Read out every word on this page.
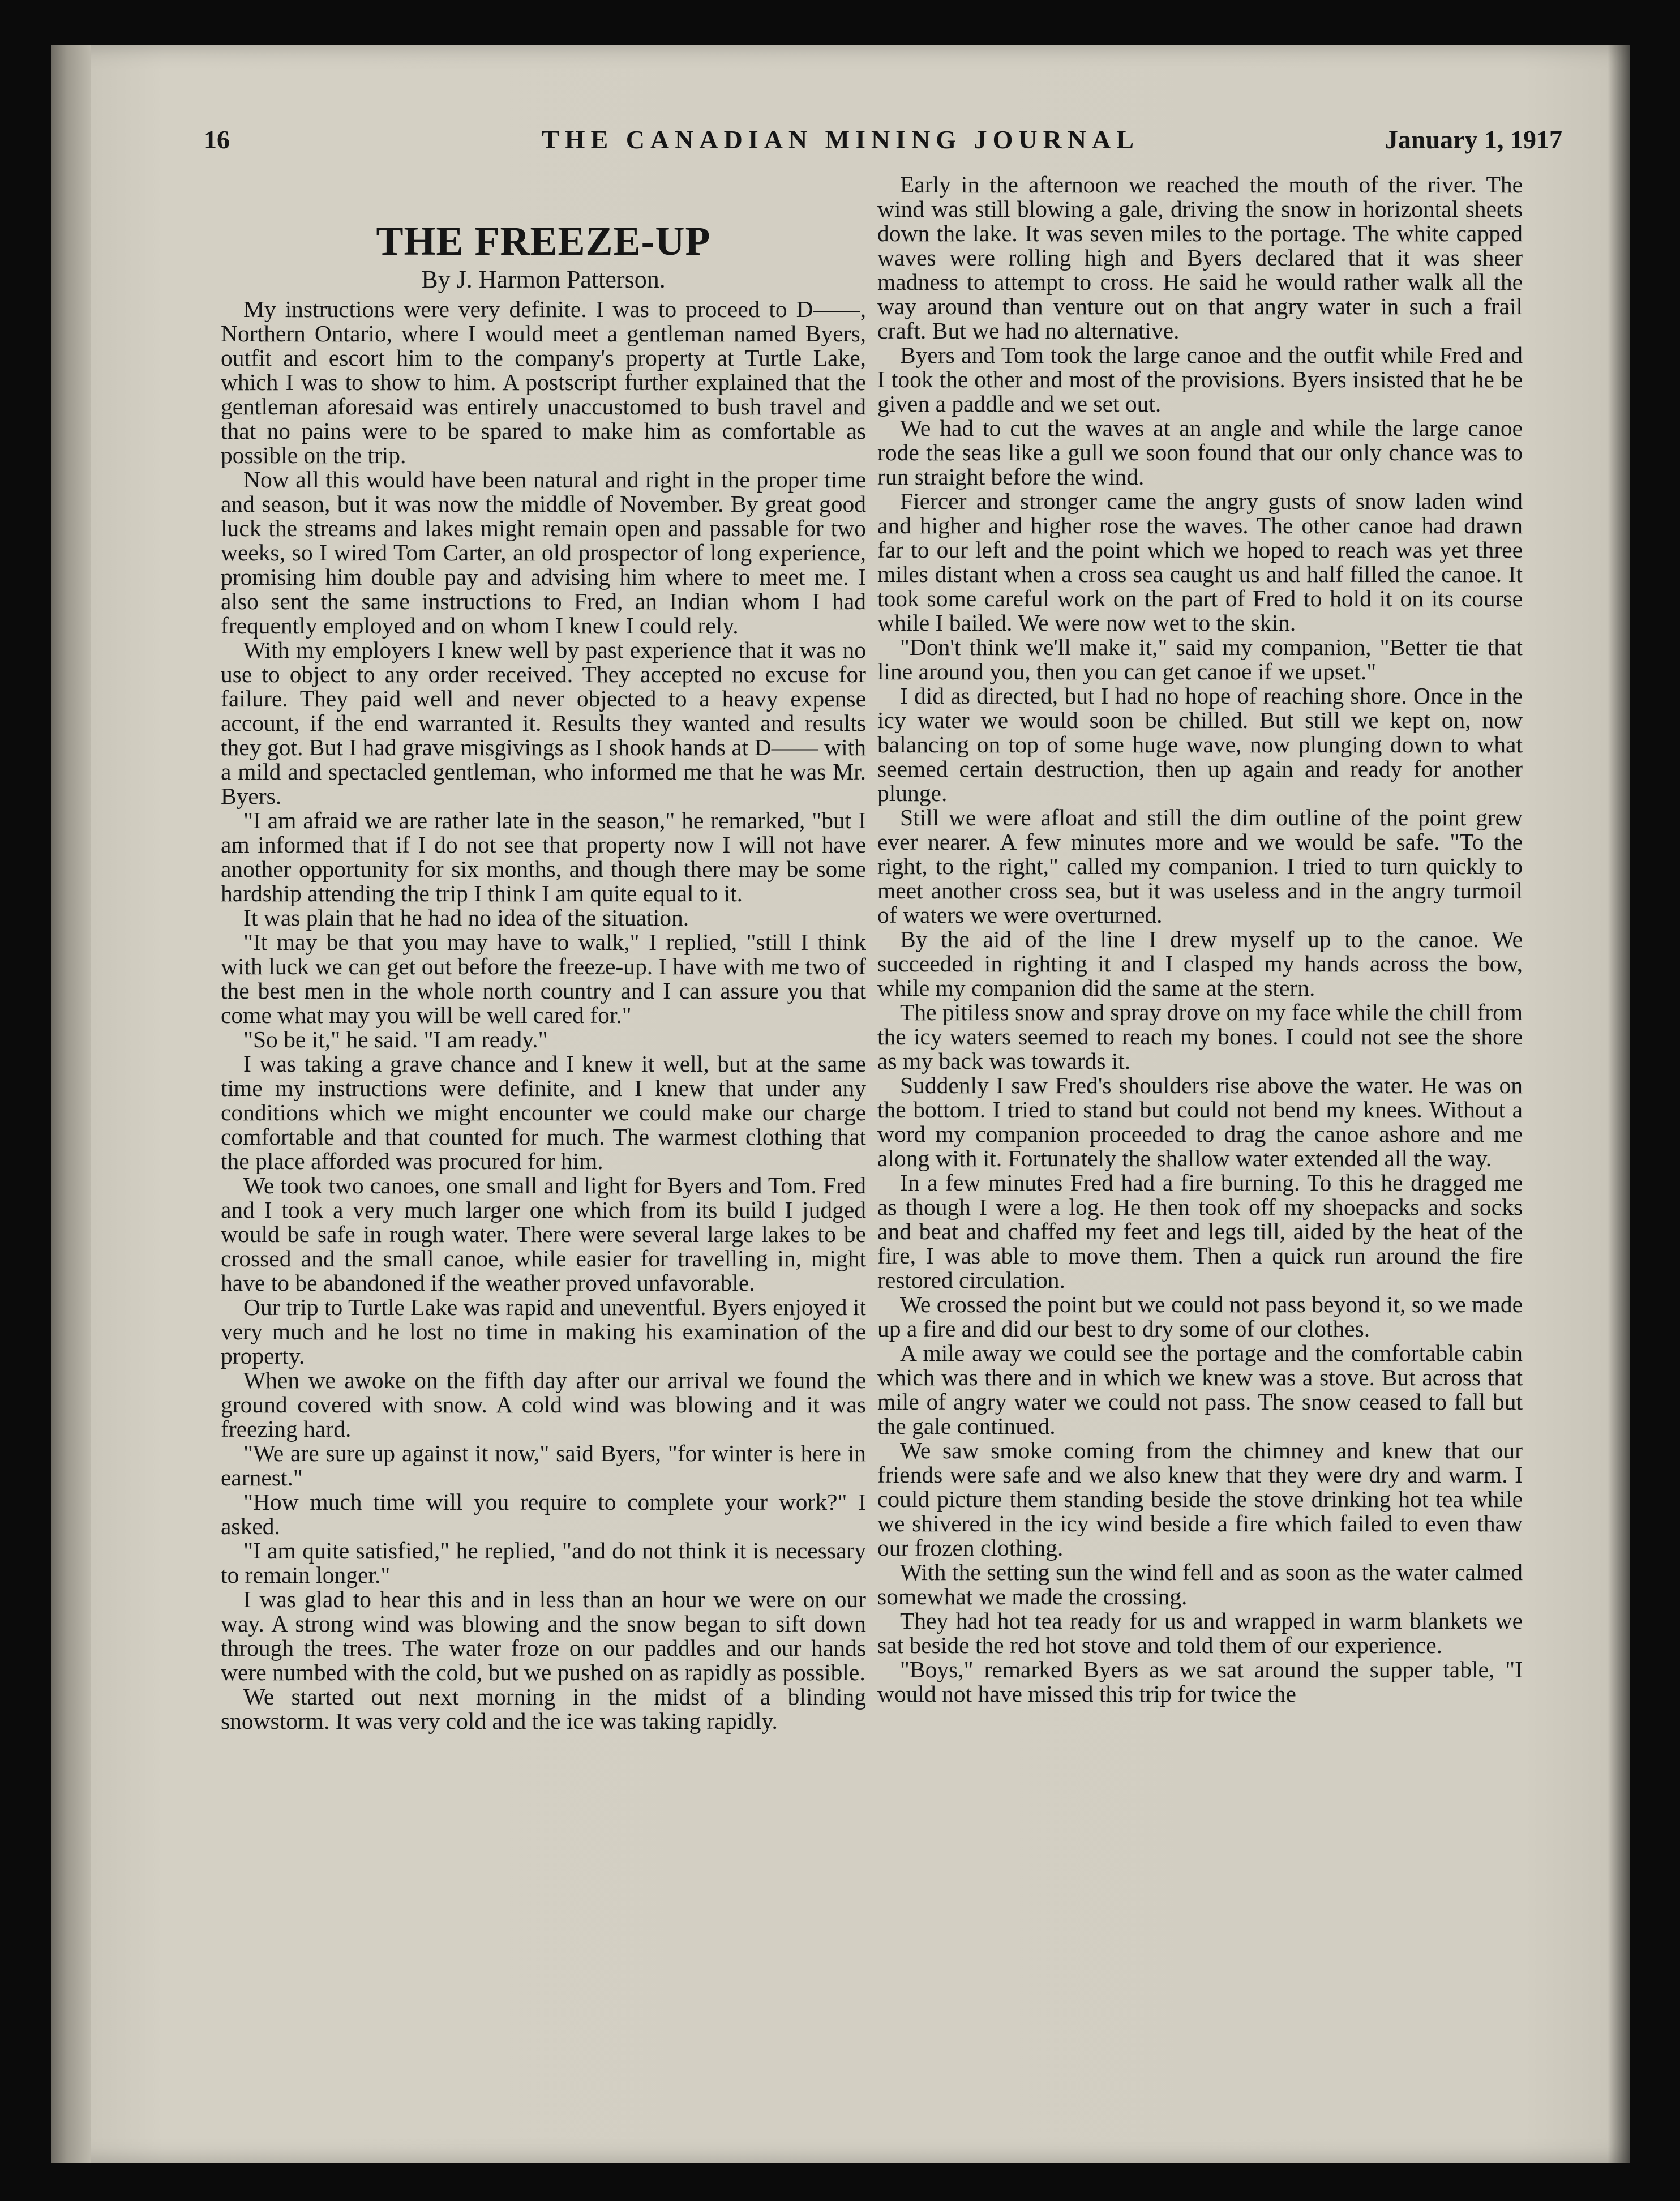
16	THE CANADIAN MINING JOURNAL	January 1, 1917
THE FREEZE-UP
By J. Harmon Patterson.

My instructions were very definite. I was to proceed to D——, Northern Ontario, where I would meet a gentleman named Byers, outfit and escort him to the company's property at Turtle Lake, which I was to show to him. A postscript further explained that the gentleman aforesaid was entirely unaccustomed to bush travel and that no pains were to be spared to make him as comfortable as possible on the trip.

Now all this would have been natural and right in the proper time and season, but it was now the middle of November. By great good luck the streams and lakes might remain open and passable for two weeks, so I wired Tom Carter, an old prospector of long experience, promising him double pay and advising him where to meet me. I also sent the same instructions to Fred, an Indian whom I had frequently employed and on whom I knew I could rely.

With my employers I knew well by past experience that it was no use to object to any order received. They accepted no excuse for failure. They paid well and never objected to a heavy expense account, if the end warranted it. Results they wanted and results they got. But I had grave misgivings as I shook hands at D—— with a mild and spectacled gentleman, who informed me that he was Mr. Byers.

"I am afraid we are rather late in the season," he remarked, "but I am informed that if I do not see that property now I will not have another opportunity for six months, and though there may be some hardship attending the trip I think I am quite equal to it.

It was plain that he had no idea of the situation.

"It may be that you may have to walk," I replied, "still I think with luck we can get out before the freeze-up. I have with me two of the best men in the whole north country and I can assure you that come what may you will be well cared for."

"So be it," he said. "I am ready."

I was taking a grave chance and I knew it well, but at the same time my instructions were definite, and I knew that under any conditions which we might encounter we could make our charge comfortable and that counted for much. The warmest clothing that the place afforded was procured for him.

We took two canoes, one small and light for Byers and Tom. Fred and I took a very much larger one which from its build I judged would be safe in rough water. There were several large lakes to be crossed and the small canoe, while easier for travelling in, might have to be abandoned if the weather proved unfavorable.

Our trip to Turtle Lake was rapid and uneventful. Byers enjoyed it very much and he lost no time in making his examination of the property.

When we awoke on the fifth day after our arrival we found the ground covered with snow. A cold wind was blowing and it was freezing hard.

"We are sure up against it now," said Byers, "for winter is here in earnest."

"How much time will you require to complete your work?" I asked.

"I am quite satisfied," he replied, "and do not think it is necessary to remain longer."

I was glad to hear this and in less than an hour we were on our way. A strong wind was blowing and the snow began to sift down through the trees. The water froze on our paddles and our hands were numbed with the cold, but we pushed on as rapidly as possible.

We started out next morning in the midst of a blinding snowstorm. It was very cold and the ice was taking rapidly.

Early in the afternoon we reached the mouth of the river. The wind was still blowing a gale, driving the snow in horizontal sheets down the lake. It was seven miles to the portage. The white capped waves were rolling high and Byers declared that it was sheer madness to attempt to cross. He said he would rather walk all the way around than venture out on that angry water in such a frail craft. But we had no alternative.

Byers and Tom took the large canoe and the outfit while Fred and I took the other and most of the provisions. Byers insisted that he be given a paddle and we set out.

We had to cut the waves at an angle and while the large canoe rode the seas like a gull we soon found that our only chance was to run straight before the wind.

Fiercer and stronger came the angry gusts of snow laden wind and higher and higher rose the waves. The other canoe had drawn far to our left and the point which we hoped to reach was yet three miles distant when a cross sea caught us and half filled the canoe. It took some careful work on the part of Fred to hold it on its course while I bailed. We were now wet to the skin.

"Don't think we'll make it," said my companion, "Better tie that line around you, then you can get canoe if we upset."

I did as directed, but I had no hope of reaching shore. Once in the icy water we would soon be chilled. But still we kept on, now balancing on top of some huge wave, now plunging down to what seemed certain destruction, then up again and ready for another plunge.

Still we were afloat and still the dim outline of the point grew ever nearer. A few minutes more and we would be safe. "To the right, to the right," called my companion. I tried to turn quickly to meet another cross sea, but it was useless and in the angry turmoil of waters we were overturned.

By the aid of the line I drew myself up to the canoe. We succeeded in righting it and I clasped my hands across the bow, while my companion did the same at the stern.

The pitiless snow and spray drove on my face while the chill from the icy waters seemed to reach my bones. I could not see the shore as my back was towards it.

Suddenly I saw Fred's shoulders rise above the water. He was on the bottom. I tried to stand but could not bend my knees. Without a word my companion proceeded to drag the canoe ashore and me along with it. Fortunately the shallow water extended all the way.

In a few minutes Fred had a fire burning. To this he dragged me as though I were a log. He then took off my shoepacks and socks and beat and chaffed my feet and legs till, aided by the heat of the fire, I was able to move them. Then a quick run around the fire restored circulation.

We crossed the point but we could not pass beyond it, so we made up a fire and did our best to dry some of our clothes.

A mile away we could see the portage and the comfortable cabin which was there and in which we knew was a stove. But across that mile of angry water we could not pass. The snow ceased to fall but the gale continued.

We saw smoke coming from the chimney and knew that our friends were safe and we also knew that they were dry and warm. I could picture them standing beside the stove drinking hot tea while we shivered in the icy wind beside a fire which failed to even thaw our frozen clothing.

With the setting sun the wind fell and as soon as the water calmed somewhat we made the crossing.

They had hot tea ready for us and wrapped in warm blankets we sat beside the red hot stove and told them of our experience.

"Boys," remarked Byers as we sat around the supper table, "I would not have missed this trip for twice the
